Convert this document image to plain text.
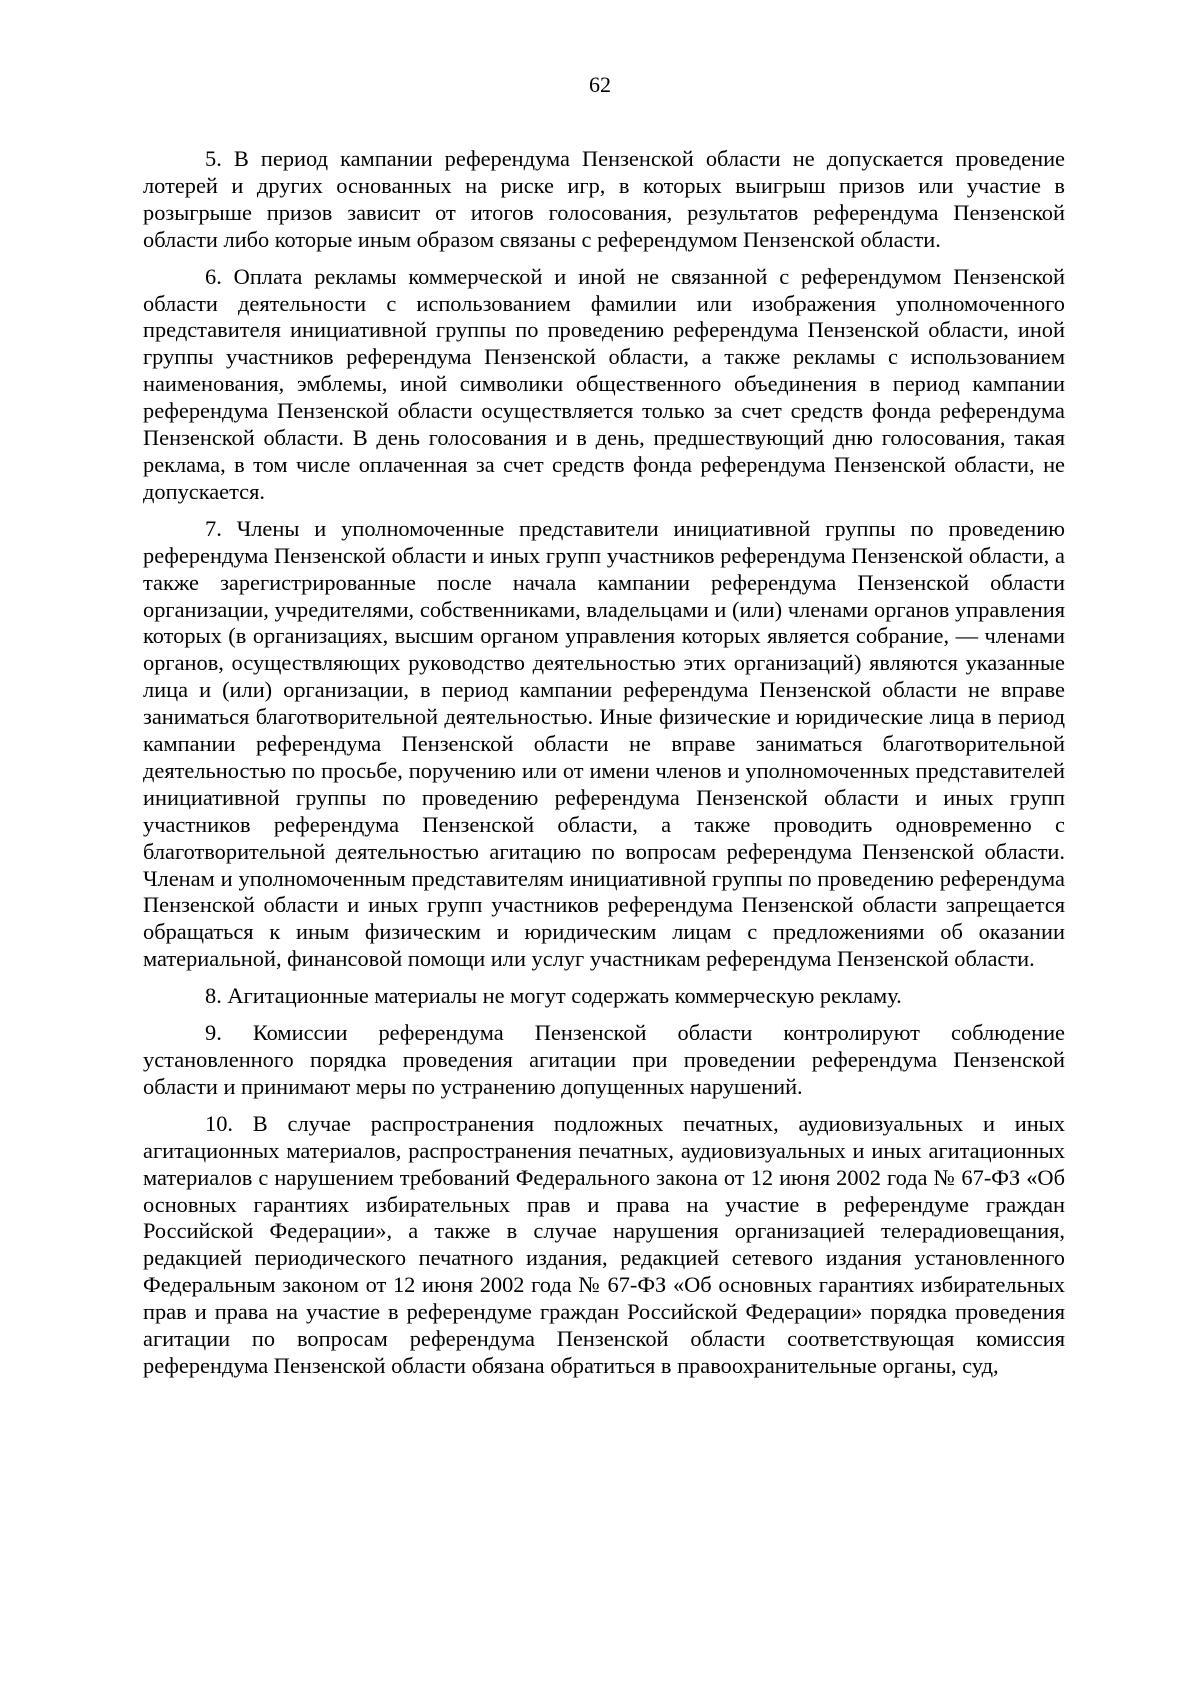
62

5. В период кампании референдума Пензенской области не допускается проведение лотерей и других основанных на риске игр, в которых выигрыш призов или участие в розыгрыше призов зависит от итогов голосования, результатов референдума Пензенской области либо которые иным образом связаны с референдумом Пензенской области.

6. Оплата рекламы коммерческой и иной не связанной с референдумом Пензенской области деятельности с использованием фамилии или изображения уполномоченного представителя инициативной группы по проведению референдума Пензенской области, иной группы участников референдума Пензенской области, а также рекламы с использованием наименования, эмблемы, иной символики общественного объединения в период кампании референдума Пензенской области осуществляется только за счет средств фонда референдума Пензенской области. В день голосования и в день, предшествующий дню голосования, такая реклама, в том числе оплаченная за счет средств фонда референдума Пензенской области, не допускается.

7. Члены и уполномоченные представители инициативной группы по проведению референдума Пензенской области и иных групп участников референдума Пензенской области, а также зарегистрированные после начала кампании референдума Пензенской области организации, учредителями, собственниками, владельцами и (или) членами органов управления которых (в организациях, высшим органом управления которых является собрание, — членами органов, осуществляющих руководство деятельностью этих организаций) являются указанные лица и (или) организации, в период кампании референдума Пензенской области не вправе заниматься благотворительной деятельностью. Иные физические и юридические лица в период кампании референдума Пензенской области не вправе заниматься благотворительной деятельностью по просьбе, поручению или от имени членов и уполномоченных представителей инициативной группы по проведению референдума Пензенской области и иных групп участников референдума Пензенской области, а также проводить одновременно с благотворительной деятельностью агитацию по вопросам референдума Пензенской области. Членам и уполномоченным представителям инициативной группы по проведению референдума Пензенской области и иных групп участников референдума Пензенской области запрещается обращаться к иным физическим и юридическим лицам с предложениями об оказании материальной, финансовой помощи или услуг участникам референдума Пензенской области.

8. Агитационные материалы не могут содержать коммерческую рекламу.

9. Комиссии референдума Пензенской области контролируют соблюдение установленного порядка проведения агитации при проведении референдума Пензенской области и принимают меры по устранению допущенных нарушений.

10. В случае распространения подложных печатных, аудиовизуальных и иных агитационных материалов, распространения печатных, аудиовизуальных и иных агитационных материалов с нарушением требований Федерального закона от 12 июня 2002 года № 67-ФЗ «Об основных гарантиях избирательных прав и права на участие в референдуме граждан Российской Федерации», а также в случае нарушения организацией телерадиовещания, редакцией периодического печатного издания, редакцией сетевого издания установленного Федеральным законом от 12 июня 2002 года № 67-ФЗ «Об основных гарантиях избирательных прав и права на участие в референдуме граждан Российской Федерации» порядка проведения агитации по вопросам референдума Пензенской области соответствующая комиссия референдума Пензенской области обязана обратиться в правоохранительные органы, суд,
